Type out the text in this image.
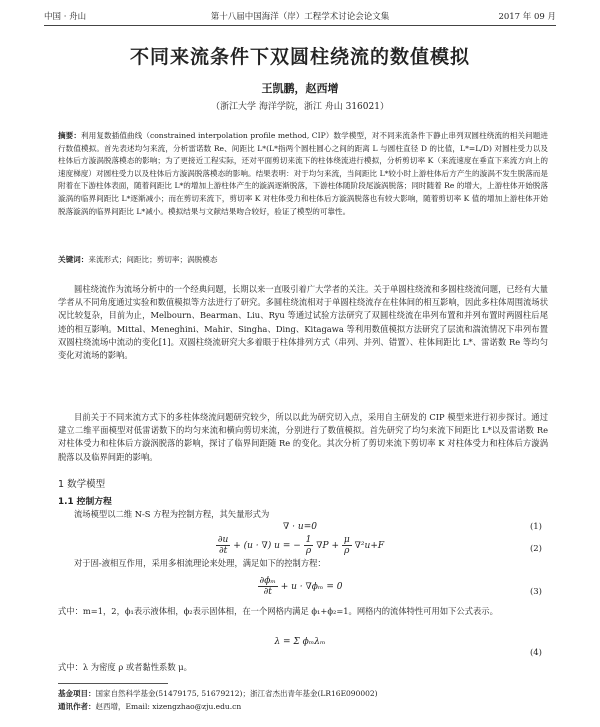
中国 · 舟山	第十八届中国海洋（岸）工程学术讨论会论文集	2017 年 09 月
不同来流条件下双圆柱绕流的数值模拟
王凯鹏，赵西增
（浙江大学 海洋学院，浙江 舟山 316021）
摘要：利用复数插值曲线（constrained interpolation profile method, CIP）数学模型，对不同来流条件下静止串列双圆柱绕流的相关问题进行数值模拟。首先表述均匀来流，分析雷诺数 Re、间距比 L*(L*指两个圆柱圆心之间的距离 L 与圆柱直径 D 的比值，L*=L/D) 对圆柱受力以及柱体后方漩涡脱落模态的影响；为了更接近工程实际，还对平面剪切来流下的柱体绕流进行模拟，分析剪切率 K（来流速度在垂直下来流方向上的速度梯度）对圆柱受力以及柱体后方漩涡脱落模态的影响。结果表明：对于均匀来流，当间距比 L*较小时上游柱体后方产生的漩涡不发生脱落而是附着在下游柱体表面，随着间距比 L*的增加上游柱体产生的漩涡逐渐脱落，下游柱体随阶段尾漩涡脱落；同时随着 Re 的增大，上游柱体开始脱落漩涡的临界间距比 L*逐渐减小；而在剪切来流下，剪切率 K 对柱体受力和柱体后方漩涡脱落也有较大影响，随着剪切率 K 值的增加上游柱体开始脱落漩涡的临界间距比 L*减小。模拟结果与文献结果吻合较好，验证了模型的可靠性。
关键词：来流形式；间距比；剪切率；涡脱模态
圆柱绕流作为流场分析中的一个经典问题，长期以来一直吸引着广大学者的关注。关于单圆柱绕流和多圆柱绕流问题，已经有大量学者从不同角度通过实验和数值模拟等方法进行了研究。多圆柱绕流相对于单圆柱绕流存在柱体间的相互影响，因此多柱体周围流场状况比较复杂，目前为止，Melbourn、Bearman、Liu、Ryu 等通过试验方法研究了双圆柱绕流在串列布置和并列布置时两圆柱后尾迹的相互影响。Mittal、Meneghini、Mahir、Singha、Ding、Kitagawa 等利用数值模拟方法研究了层流和湍流情况下串列布置双圆柱绕流场中流动的变化[1]。双圆柱绕流研究大多着眼于柱体排列方式（串列、并列、错置）、柱体间距比 L*、雷诺数 Re 等均匀变化对流场的影响。
目前关于不同来流方式下的多柱体绕流问题研究较少，所以以此为研究切入点，采用自主研发的 CIP 模型来进行初步探讨。通过建立二维平面模型对低雷诺数下的均匀来流和横向剪切来流，分别进行了数值模拟。首先研究了均匀来流下间距比 L*以及雷诺数 Re 对柱体受力和柱体后方漩涡脱落的影响，探讨了临界间距随 Re 的变化。其次分析了剪切来流下剪切率 K 对柱体受力和柱体后方漩涡脱落以及临界间距的影响。
1 数学模型
1.1 控制方程
流场模型以二维 N-S 方程为控制方程，其矢量形式为
∇ · u=0	(1)
$\frac{\partial u}{\partial t} + (u$ · ∇) u = − $\frac{1}{\rho} \nabla P + \frac{\mu}{\rho} \nabla^2u+F$	(2)
对于固-液相互作用，采用多相流理论来处理，满足如下的控制方程：
$\frac{\text{∂ϕₘ}}{\partial t} + u \cdot \nabla\phi_m = 0$	(3)
式中：m=1，2，ϕ₁表示液体相，ϕ₂表示固体相，在一个网格内满足 ϕ₁+ϕ₂=1。网格内的流体特性可用如下公式表示。
λ = Σ ϕₘλₘ
(4)
式中：λ 为密度 ρ 或者黏性系数 μ。
基金项目：国家自然科学基金(51479175, 51679212)；浙江省杰出青年基金(LR16E090002)
通讯作者：赵西增，Email: xizengzhao@zju.edu.cn
